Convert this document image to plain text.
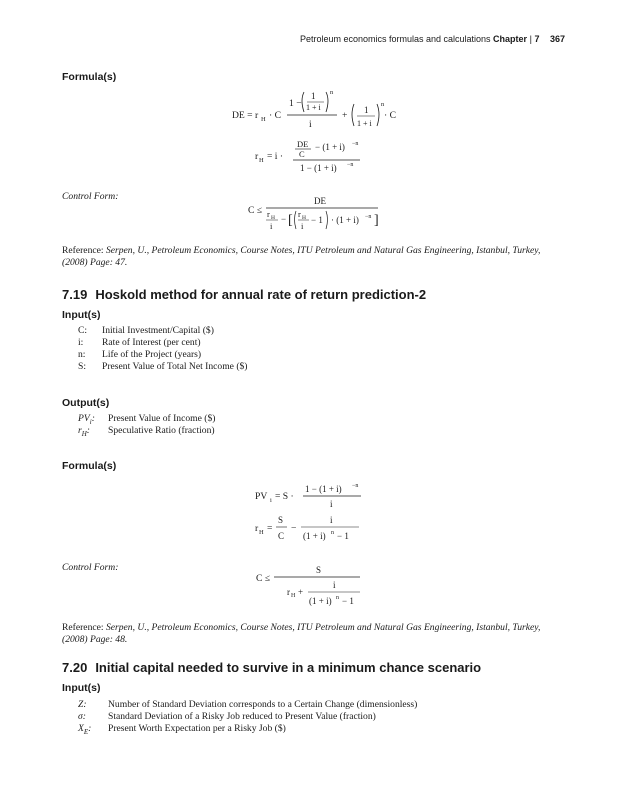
Petroleum economics formulas and calculations Chapter | 7 367
Formula(s)
DE = r H · C
1 −
1
1 + i
n
i
+ 1
1 + i
n
· C
r H = i ·
DE − (1 + i) −n
C
1 − (1 + i) −n
Control Form:	DE
C ≤ r H
i
− [ r H
i
− 1 · (1 + i) −n ]
Reference: Serpen, U., Petroleum Economics, Course Notes, ITU Petroleum and Natural Gas Engineering, Istanbul, Turkey, (2008) Page: 47.
7.19 Hoskold method for annual rate of return prediction-2
Input(s)
C:	Initial Investment/Capital ($)
i:	Rate of Interest (per cent)
n:	Life of the Project (years)
S:	Present Value of Total Net Income ($)
Output(s)
$PV_i$:	Present Value of Income ($)
$r_H$:	Speculative Ratio (fraction)
Formula(s)
PV i = S ·
1 − (1 + i) −n
i
r H =
S
C
−
i
(1 + i) n − 1
Control Form:	S
C ≤
r H +
i
(1 + i) n − 1
Reference: Serpen, U., Petroleum Economics, Course Notes, ITU Petroleum and Natural Gas Engineering, Istanbul, Turkey, (2008) Page: 48.
7.20 Initial capital needed to survive in a minimum chance scenario
Input(s)
Z:	Number of Standard Deviation corresponds to a Certain Change (dimensionless)
σ:	Standard Deviation of a Risky Job reduced to Present Value (fraction)
$X_E$:	Present Worth Expectation per a Risky Job ($)
